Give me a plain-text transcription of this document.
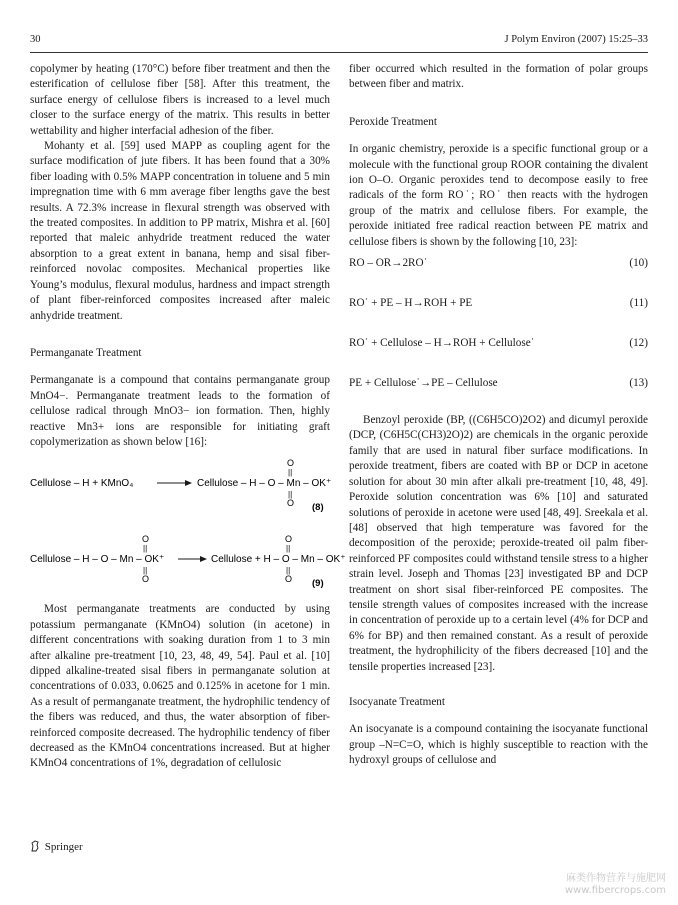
30	J Polym Environ (2007) 15:25–33

copolymer by heating (170°C) before fiber treatment and then the esterification of cellulose fiber [58]. After this treatment, the surface energy of cellulose fibers is increased to a level much closer to the surface energy of the matrix. This results in better wettability and higher interfacial adhesion of the fiber.

Mohanty et al. [59] used MAPP as coupling agent for the surface modification of jute fibers. It has been found that a 30% fiber loading with 0.5% MAPP concentration in toluene and 5 min impregnation time with 6 mm average fiber lengths gave the best results. A 72.3% increase in flexural strength was observed with the treated composites. In addition to PP matrix, Mishra et al. [60] reported that maleic anhydride treatment reduced the water absorption to a great extent in banana, hemp and sisal fiber-reinforced novolac composites. Mechanical properties like Young’s modulus, flexural modulus, hardness and impact strength of plant fiber-reinforced composites increased after maleic anhydride treatment.

Permanganate Treatment

Permanganate is a compound that contains permanganate group MnO4−. Permanganate treatment leads to the formation of cellulose radical through MnO3− ion formation. Then, highly reactive Mn3+ ions are responsible for initiating graft copolymerization as shown below [16]:

Cellulose – H + KMnO₄	Cellulose – H – O – Mn – OK⁺
O
||
||
O (8)
O
||
Cellulose – H – O – Mn – OK⁺
||
O
Cellulose + H – O – Mn – OK⁺
O
||
||
O (9)

Most permanganate treatments are conducted by using potassium permanganate (KMnO4) solution (in acetone) in different concentrations with soaking duration from 1 to 3 min after alkaline pre-treatment [10, 23, 48, 49, 54]. Paul et al. [10] dipped alkaline-treated sisal fibers in permanganate solution at concentrations of 0.033, 0.0625 and 0.125% in acetone for 1 min. As a result of permanganate treatment, the hydrophilic tendency of the fibers was reduced, and thus, the water absorption of fiber-reinforced composite decreased. The hydrophilic tendency of fiber decreased as the KMnO4 concentrations increased. But at higher KMnO4 concentrations of 1%, degradation of cellulosic

fiber occurred which resulted in the formation of polar groups between fiber and matrix.

Peroxide Treatment

In organic chemistry, peroxide is a specific functional group or a molecule with the functional group ROOR containing the divalent ion O–O. Organic peroxides tend to decompose easily to free radicals of the form RO˙; RO˙ then reacts with the hydrogen group of the matrix and cellulose fibers. For example, the peroxide initiated free radical reaction between PE matrix and cellulose fibers is shown by the following [10, 23]:

RO – OR→2RO˙	(10)
RO˙ + PE – H→ROH + PE	(11)
RO˙ + Cellulose – H→ROH + Cellulose˙	(12)
PE + Cellulose˙→PE – Cellulose	(13)

Benzoyl peroxide (BP, ((C6H5CO)2O2) and dicumyl peroxide (DCP, (C6H5C(CH3)2O)2) are chemicals in the organic peroxide family that are used in natural fiber surface modifications. In peroxide treatment, fibers are coated with BP or DCP in acetone solution for about 30 min after alkali pre-treatment [10, 48, 49]. Peroxide solution concentration was 6% [10] and saturated solutions of peroxide in acetone were used [48, 49]. Sreekala et al. [48] observed that high temperature was favored for the decomposition of the peroxide; peroxide-treated oil palm fiber-reinforced PF composites could withstand tensile stress to a higher strain level. Joseph and Thomas [23] investigated BP and DCP treatment on short sisal fiber-reinforced PE composites. The tensile strength values of composites increased with the increase in concentration of peroxide up to a certain level (4% for DCP and 6% for BP) and then remained constant. As a result of peroxide treatment, the hydrophilicity of the fibers decreased [10] and the tensile properties increased [23].

Isocyanate Treatment

An isocyanate is a compound containing the isocyanate functional group –N=C=O, which is highly susceptible to reaction with the hydroxyl groups of cellulose and

Springer
麻类作物营养与施肥网
www.fibercrops.com
